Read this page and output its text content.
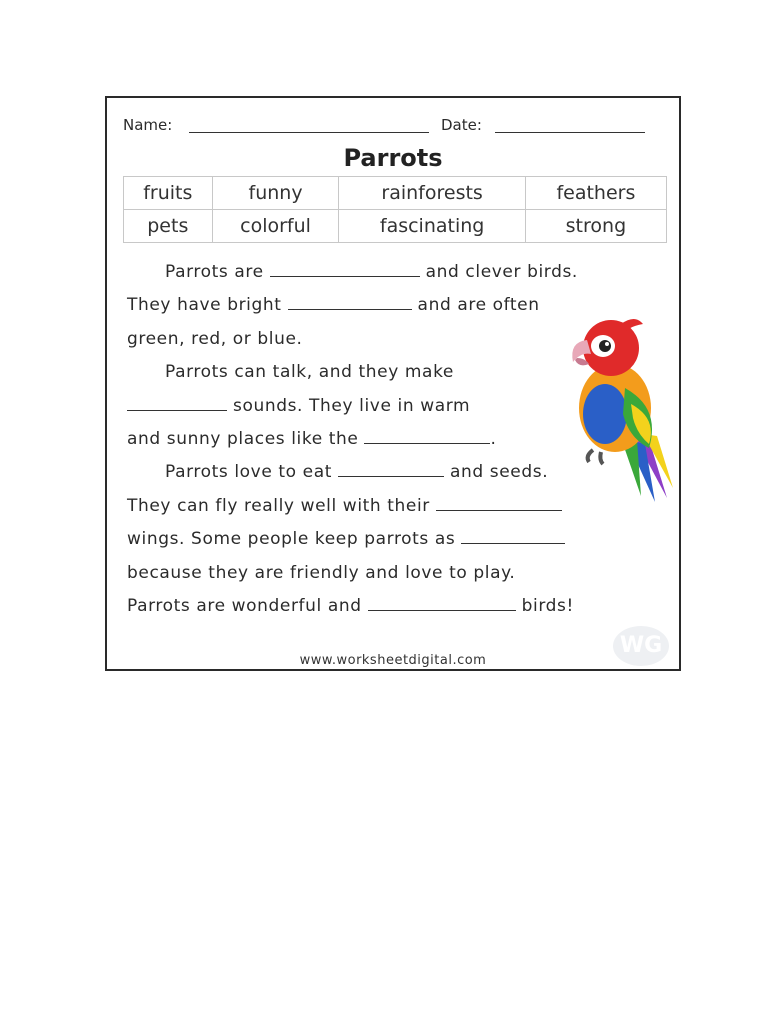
Name:	Date:
Parrots
fruits	funny	rainforests	feathers
pets	colorful	fascinating	strong
Parrots are	and clever birds.
They have bright	and are often
green, red, or blue.
Parrots can talk, and they make
sounds. They live in warm
and sunny places like the	.
Parrots love to eat	and seeds.
They can fly really well with their
wings. Some people keep parrots as
because they are friendly and love to play.
Parrots are wonderful and	birds!
WG
www.worksheetdigital.com
